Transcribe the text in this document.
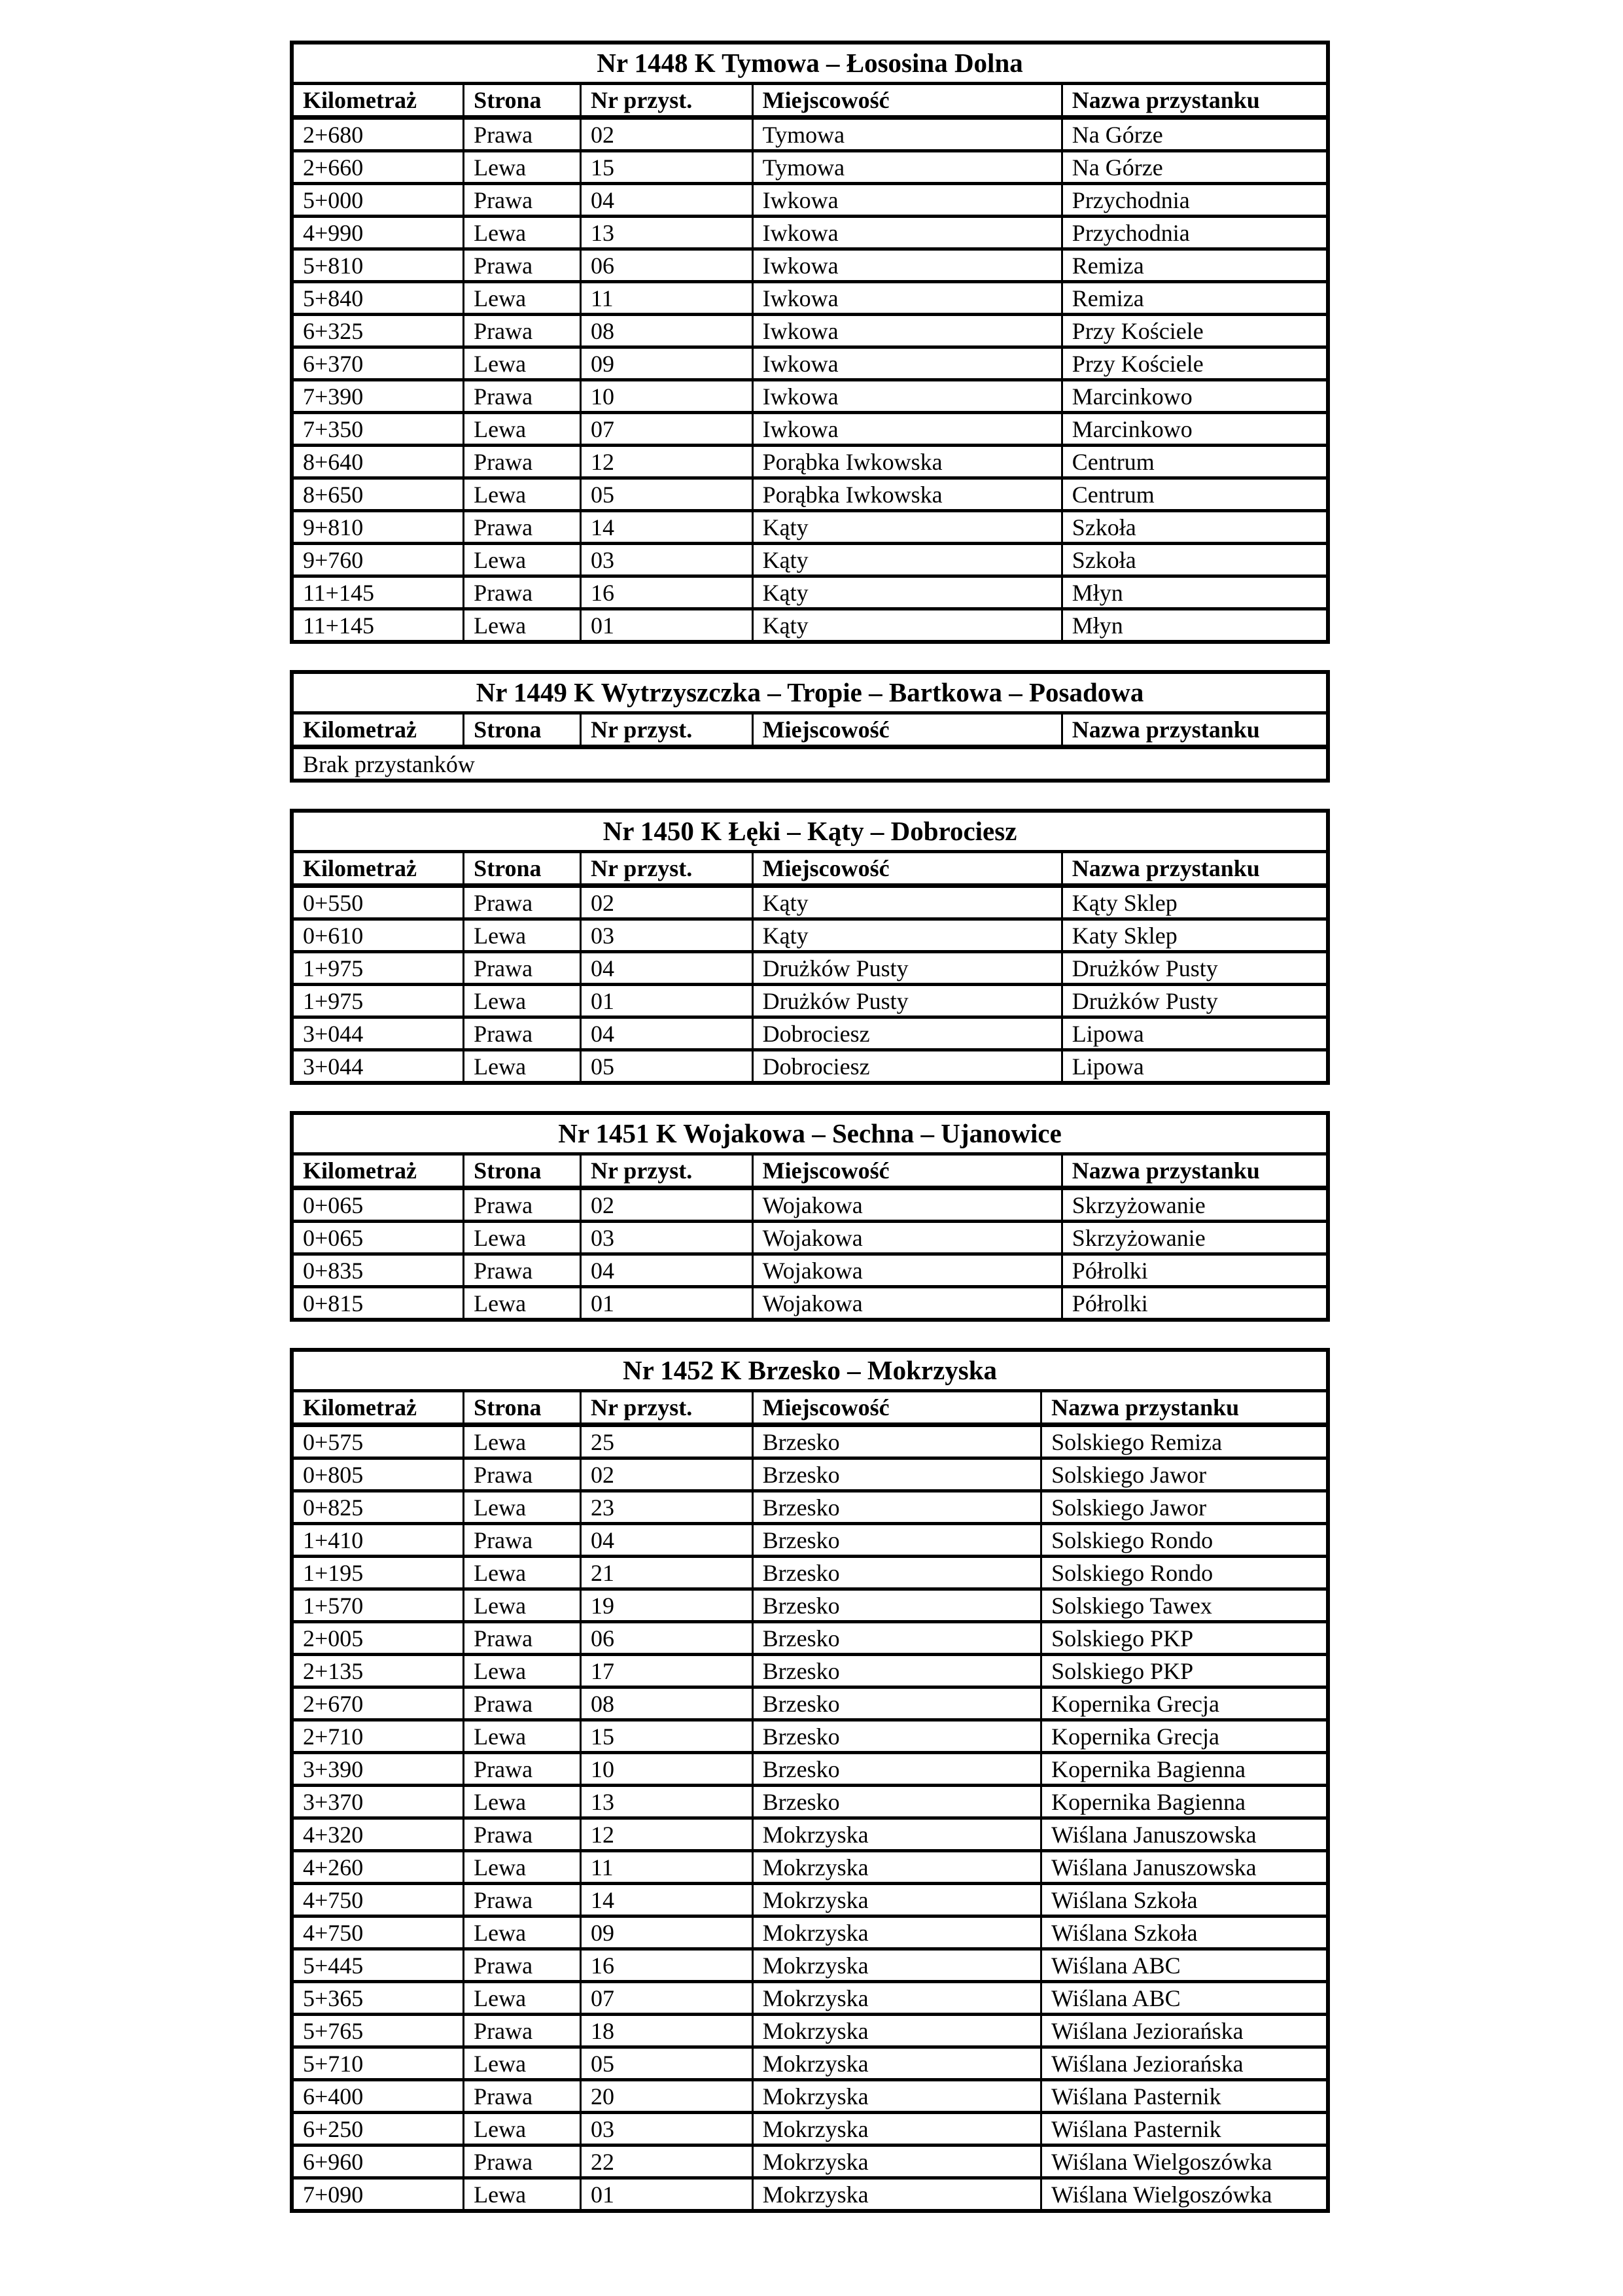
Nr 1448 K Tymowa – Łososina Dolna				
Kilometraż	Strona	Nr przyst.	Miejscowość	Nazwa przystanku
2+680	Prawa	02	Tymowa	Na Górze
2+660	Lewa	15	Tymowa	Na Górze
5+000	Prawa	04	Iwkowa	Przychodnia
4+990	Lewa	13	Iwkowa	Przychodnia
5+810	Prawa	06	Iwkowa	Remiza
5+840	Lewa	11	Iwkowa	Remiza
6+325	Prawa	08	Iwkowa	Przy Kościele
6+370	Lewa	09	Iwkowa	Przy Kościele
7+390	Prawa	10	Iwkowa	Marcinkowo
7+350	Lewa	07	Iwkowa	Marcinkowo
8+640	Prawa	12	Porąbka Iwkowska	Centrum
8+650	Lewa	05	Porąbka Iwkowska	Centrum
9+810	Prawa	14	Kąty	Szkoła
9+760	Lewa	03	Kąty	Szkoła
11+145	Prawa	16	Kąty	Młyn
11+145	Lewa	01	Kąty	Młyn
Nr 1449 K Wytrzyszczka – Tropie – Bartkowa – Posadowa
Kilometraż	Strona	Nr przyst.	Miejscowość	Nazwa przystanku
Brak przystanków
Nr 1450 K Łęki – Kąty – Dobrociesz				
Kilometraż	Strona	Nr przyst.	Miejscowość	Nazwa przystanku
0+550	Prawa	02	Kąty	Kąty Sklep
0+610	Lewa	03	Kąty	Katy Sklep
1+975	Prawa	04	Drużków Pusty	Drużków Pusty
1+975	Lewa	01	Drużków Pusty	Drużków Pusty
3+044	Prawa	04	Dobrociesz	Lipowa
3+044	Lewa	05	Dobrociesz	Lipowa
Nr 1451 K Wojakowa – Sechna – Ujanowice				
Kilometraż	Strona	Nr przyst.	Miejscowość	Nazwa przystanku
0+065	Prawa	02	Wojakowa	Skrzyżowanie
0+065	Lewa	03	Wojakowa	Skrzyżowanie
0+835	Prawa	04	Wojakowa	Półrolki
0+815	Lewa	01	Wojakowa	Półrolki
Nr 1452 K Brzesko – Mokrzyska				
Kilometraż	Strona	Nr przyst.	Miejscowość	Nazwa przystanku
0+575	Lewa	25	Brzesko	Solskiego Remiza
0+805	Prawa	02	Brzesko	Solskiego Jawor
0+825	Lewa	23	Brzesko	Solskiego Jawor
1+410	Prawa	04	Brzesko	Solskiego Rondo
1+195	Lewa	21	Brzesko	Solskiego Rondo
1+570	Lewa	19	Brzesko	Solskiego Tawex
2+005	Prawa	06	Brzesko	Solskiego PKP
2+135	Lewa	17	Brzesko	Solskiego PKP
2+670	Prawa	08	Brzesko	Kopernika Grecja
2+710	Lewa	15	Brzesko	Kopernika Grecja
3+390	Prawa	10	Brzesko	Kopernika Bagienna
3+370	Lewa	13	Brzesko	Kopernika Bagienna
4+320	Prawa	12	Mokrzyska	Wiślana Januszowska
4+260	Lewa	11	Mokrzyska	Wiślana Januszowska
4+750	Prawa	14	Mokrzyska	Wiślana Szkoła
4+750	Lewa	09	Mokrzyska	Wiślana Szkoła
5+445	Prawa	16	Mokrzyska	Wiślana ABC
5+365	Lewa	07	Mokrzyska	Wiślana ABC
5+765	Prawa	18	Mokrzyska	Wiślana Jeziorańska
5+710	Lewa	05	Mokrzyska	Wiślana Jeziorańska
6+400	Prawa	20	Mokrzyska	Wiślana Pasternik
6+250	Lewa	03	Mokrzyska	Wiślana Pasternik
6+960	Prawa	22	Mokrzyska	Wiślana Wielgoszówka
7+090	Lewa	01	Mokrzyska	Wiślana Wielgoszówka
